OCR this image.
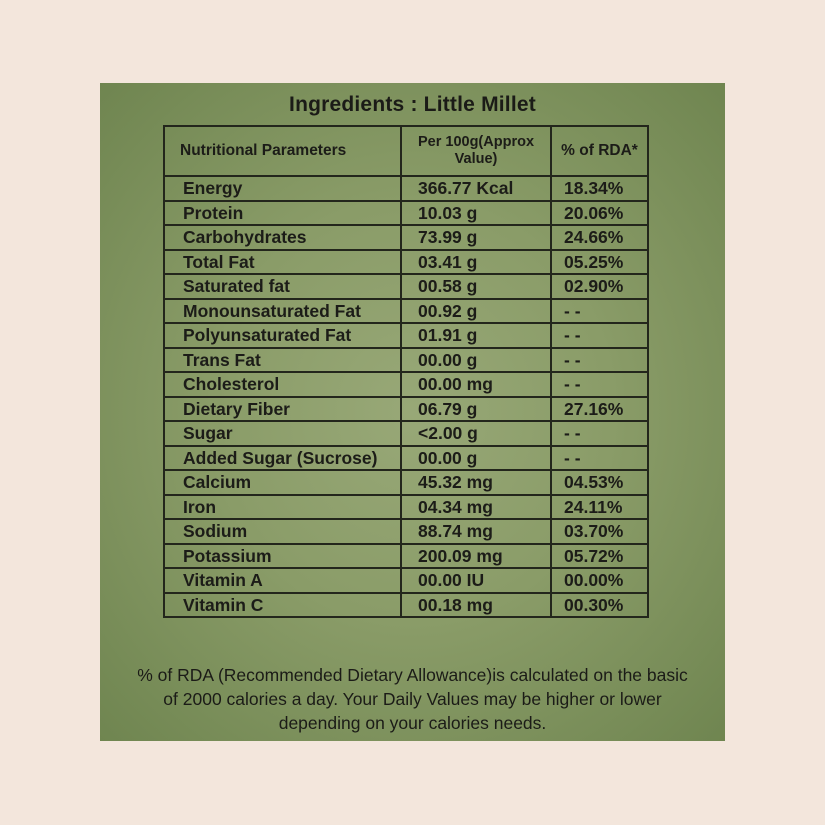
Ingredients : Little Millet
Nutritional Parameters	Per 100g(Approx Value)	% of RDA*
Energy	366.77 Kcal	18.34%
Protein	10.03 g	20.06%
Carbohydrates	73.99 g	24.66%
Total Fat	03.41 g	05.25%
Saturated fat	00.58 g	02.90%
Monounsaturated Fat	00.92 g	- -
Polyunsaturated Fat	01.91 g	- -
Trans Fat	00.00 g	- -
Cholesterol	00.00 mg	- -
Dietary Fiber	06.79 g	27.16%
Sugar	<2.00 g	- -
Added Sugar (Sucrose)	00.00 g	- -
Calcium	45.32 mg	04.53%
Iron	04.34 mg	24.11%
Sodium	88.74 mg	03.70%
Potassium	200.09 mg	05.72%
Vitamin A	00.00 IU	00.00%
Vitamin C	00.18 mg	00.30%
% of RDA (Recommended Dietary Allowance)is calculated on the basic
of 2000 calories a day. Your Daily Values may be higher or lower
depending on your calories needs.
